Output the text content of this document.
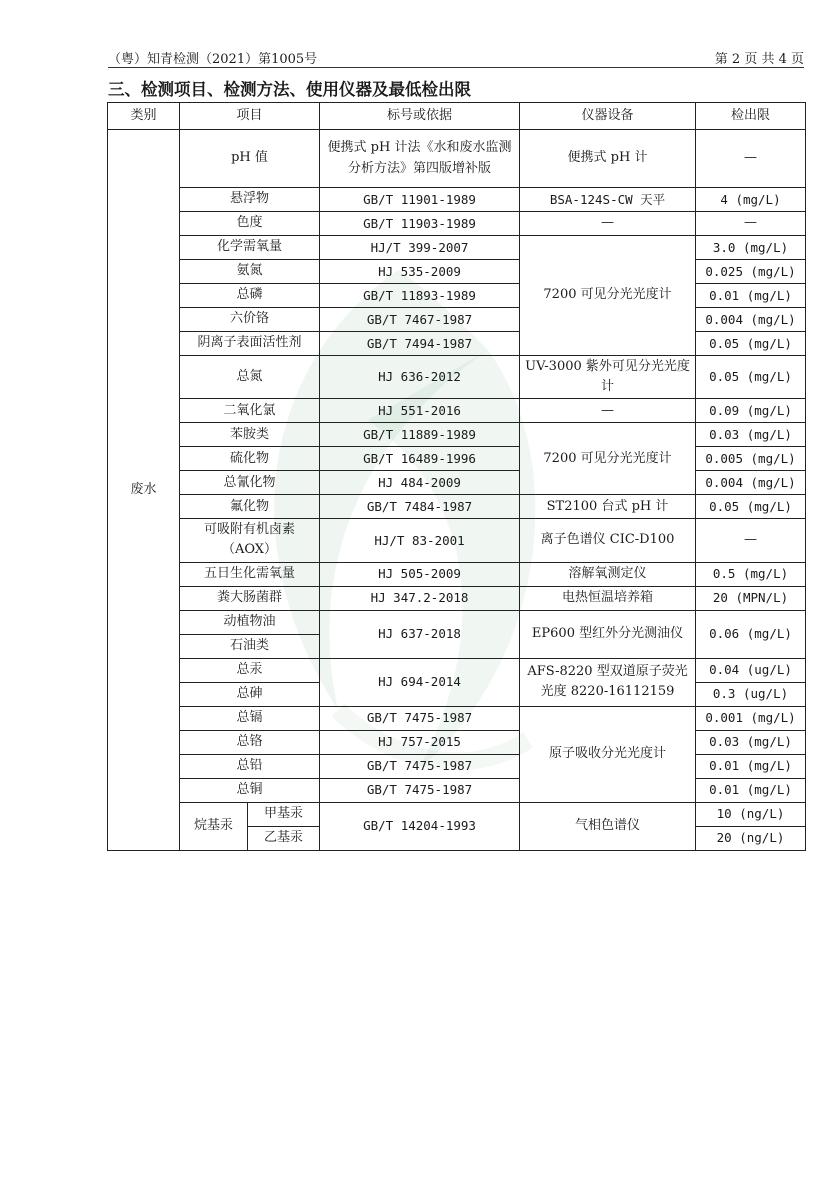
（粤）知青检测（2021）第1005号	第 2 页 共 4 页
三、检测项目、检测方法、使用仪器及最低检出限
类别	项目		标号或依据	仪器设备	检出限
废水	pH 值		便携式 pH 计法《水和废水监测分析方法》第四版增补版	便携式 pH 计	—
	悬浮物		GB/T 11901-1989	BSA-124S-CW 天平	4 (mg/L)
	色度		GB/T 11903-1989	—	—
	化学需氧量		HJ/T 399-2007	7200 可见分光光度计	3.0 (mg/L)
	氨氮		HJ 535-2009		0.025 (mg/L)
	总磷		GB/T 11893-1989		0.01 (mg/L)
	六价铬		GB/T 7467-1987		0.004 (mg/L)
	阴离子表面活性剂		GB/T 7494-1987		0.05 (mg/L)
	总氮		HJ 636-2012	UV-3000 紫外可见分光光度计	0.05 (mg/L)
	二氧化氯		HJ 551-2016	—	0.09 (mg/L)
	苯胺类		GB/T 11889-1989	7200 可见分光光度计	0.03 (mg/L)
	硫化物		GB/T 16489-1996		0.005 (mg/L)
	总氰化物		HJ 484-2009		0.004 (mg/L)
	氟化物		GB/T 7484-1987	ST2100 台式 pH 计	0.05 (mg/L)
	可吸附有机卤素（AOX）		HJ/T 83-2001	离子色谱仪 CIC-D100	—
	五日生化需氧量		HJ 505-2009	溶解氧测定仪	0.5 (mg/L)
	粪大肠菌群		HJ 347.2-2018	电热恒温培养箱	20 (MPN/L)
	动植物油		HJ 637-2018	EP600 型红外分光测油仪	0.06 (mg/L)
	石油类				
	总汞		HJ 694-2014	AFS-8220 型双道原子荧光光度 8220-16112159	0.04 (ug/L)
	总砷				0.3 (ug/L)
	总镉		GB/T 7475-1987	原子吸收分光光度计	0.001 (mg/L)
	总铬		HJ 757-2015		0.03 (mg/L)
	总铅		GB/T 7475-1987		0.01 (mg/L)
	总铜		GB/T 7475-1987		0.01 (mg/L)
	烷基汞	甲基汞	GB/T 14204-1993	气相色谱仪	10 (ng/L)
		乙基汞			20 (ng/L)
